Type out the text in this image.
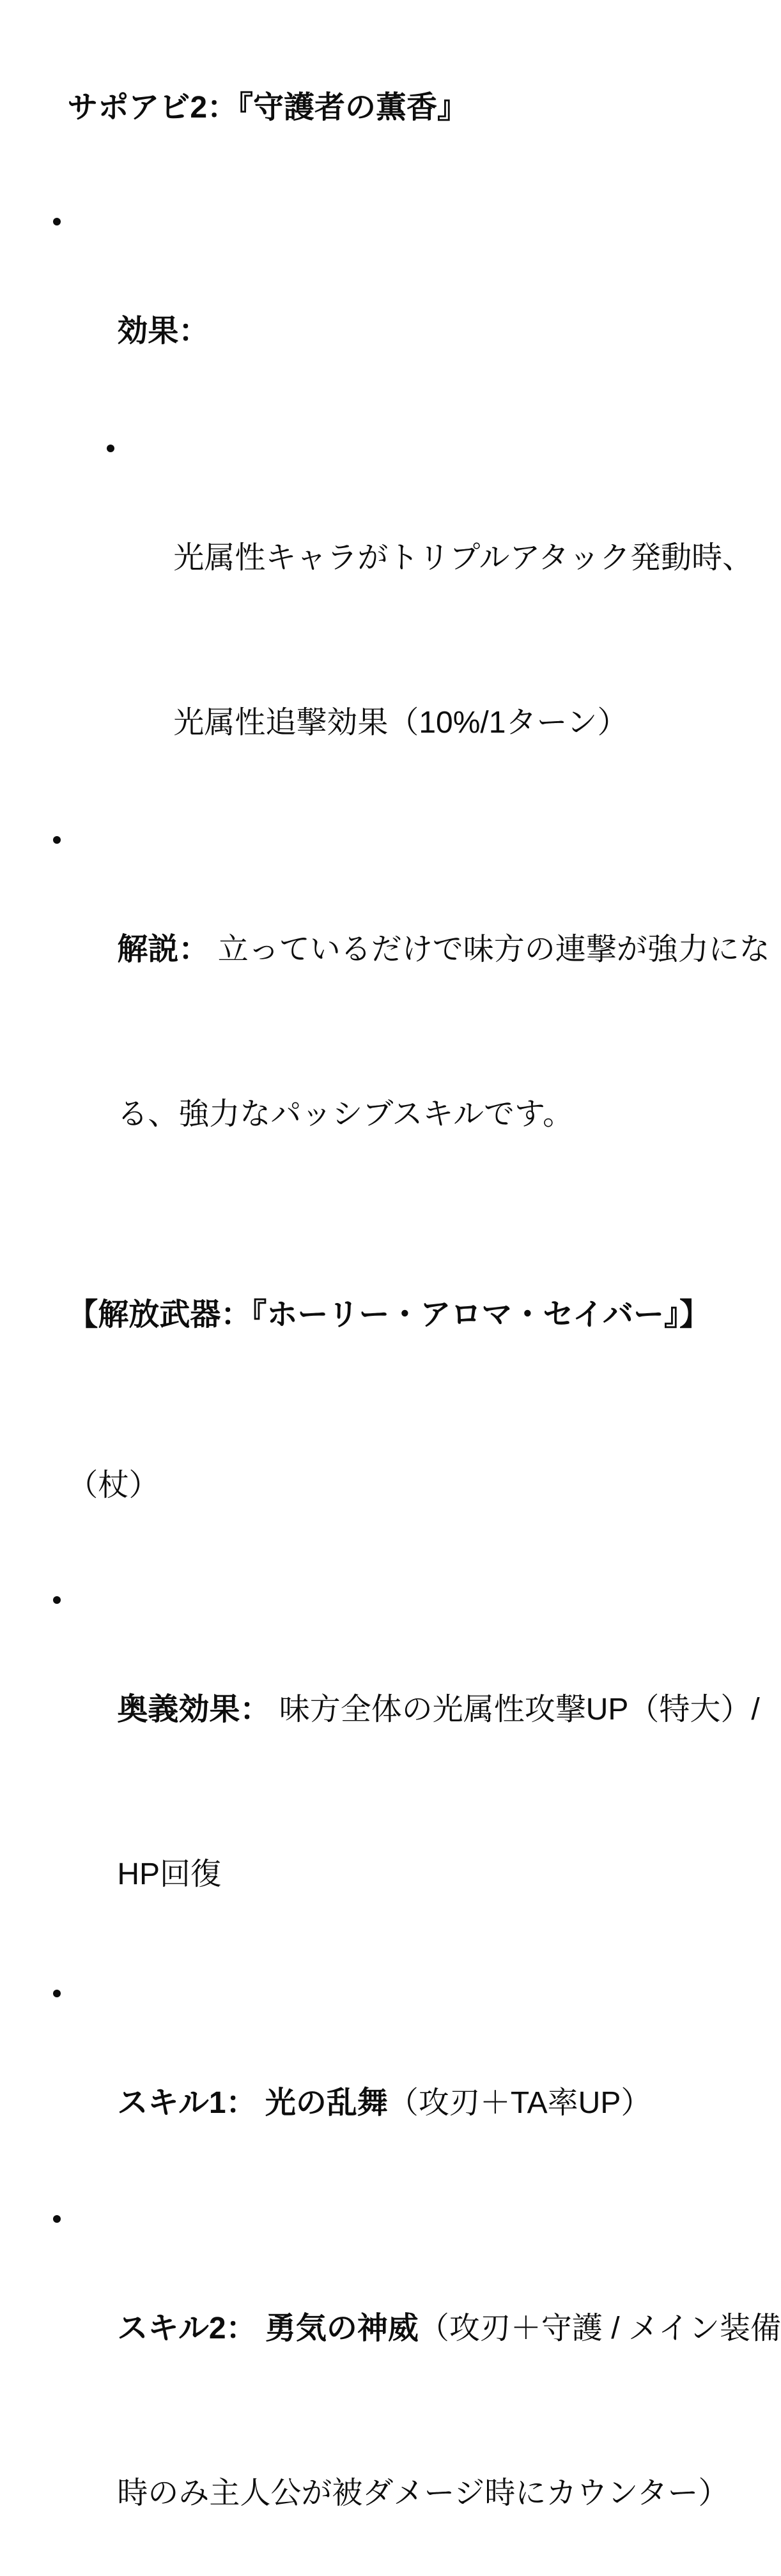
サポアビ2：『守護者の薫香』

効果：

光属性キャラがトリプルアタック発動時、

光属性追撃効果（10%/1ターン）

解説： 立っているだけで味方の連撃が強力にな

る、強力なパッシブスキルです。

【解放武器：『ホーリー・アロマ・セイバー』】

（杖）

奥義効果： 味方全体の光属性攻撃UP（特大）/

HP回復

スキル1： 光の乱舞（攻刃＋TA率UP）

スキル2： 勇気の神威（攻刃＋守護 / メイン装備

時のみ主人公が被ダメージ時にカウンター）
